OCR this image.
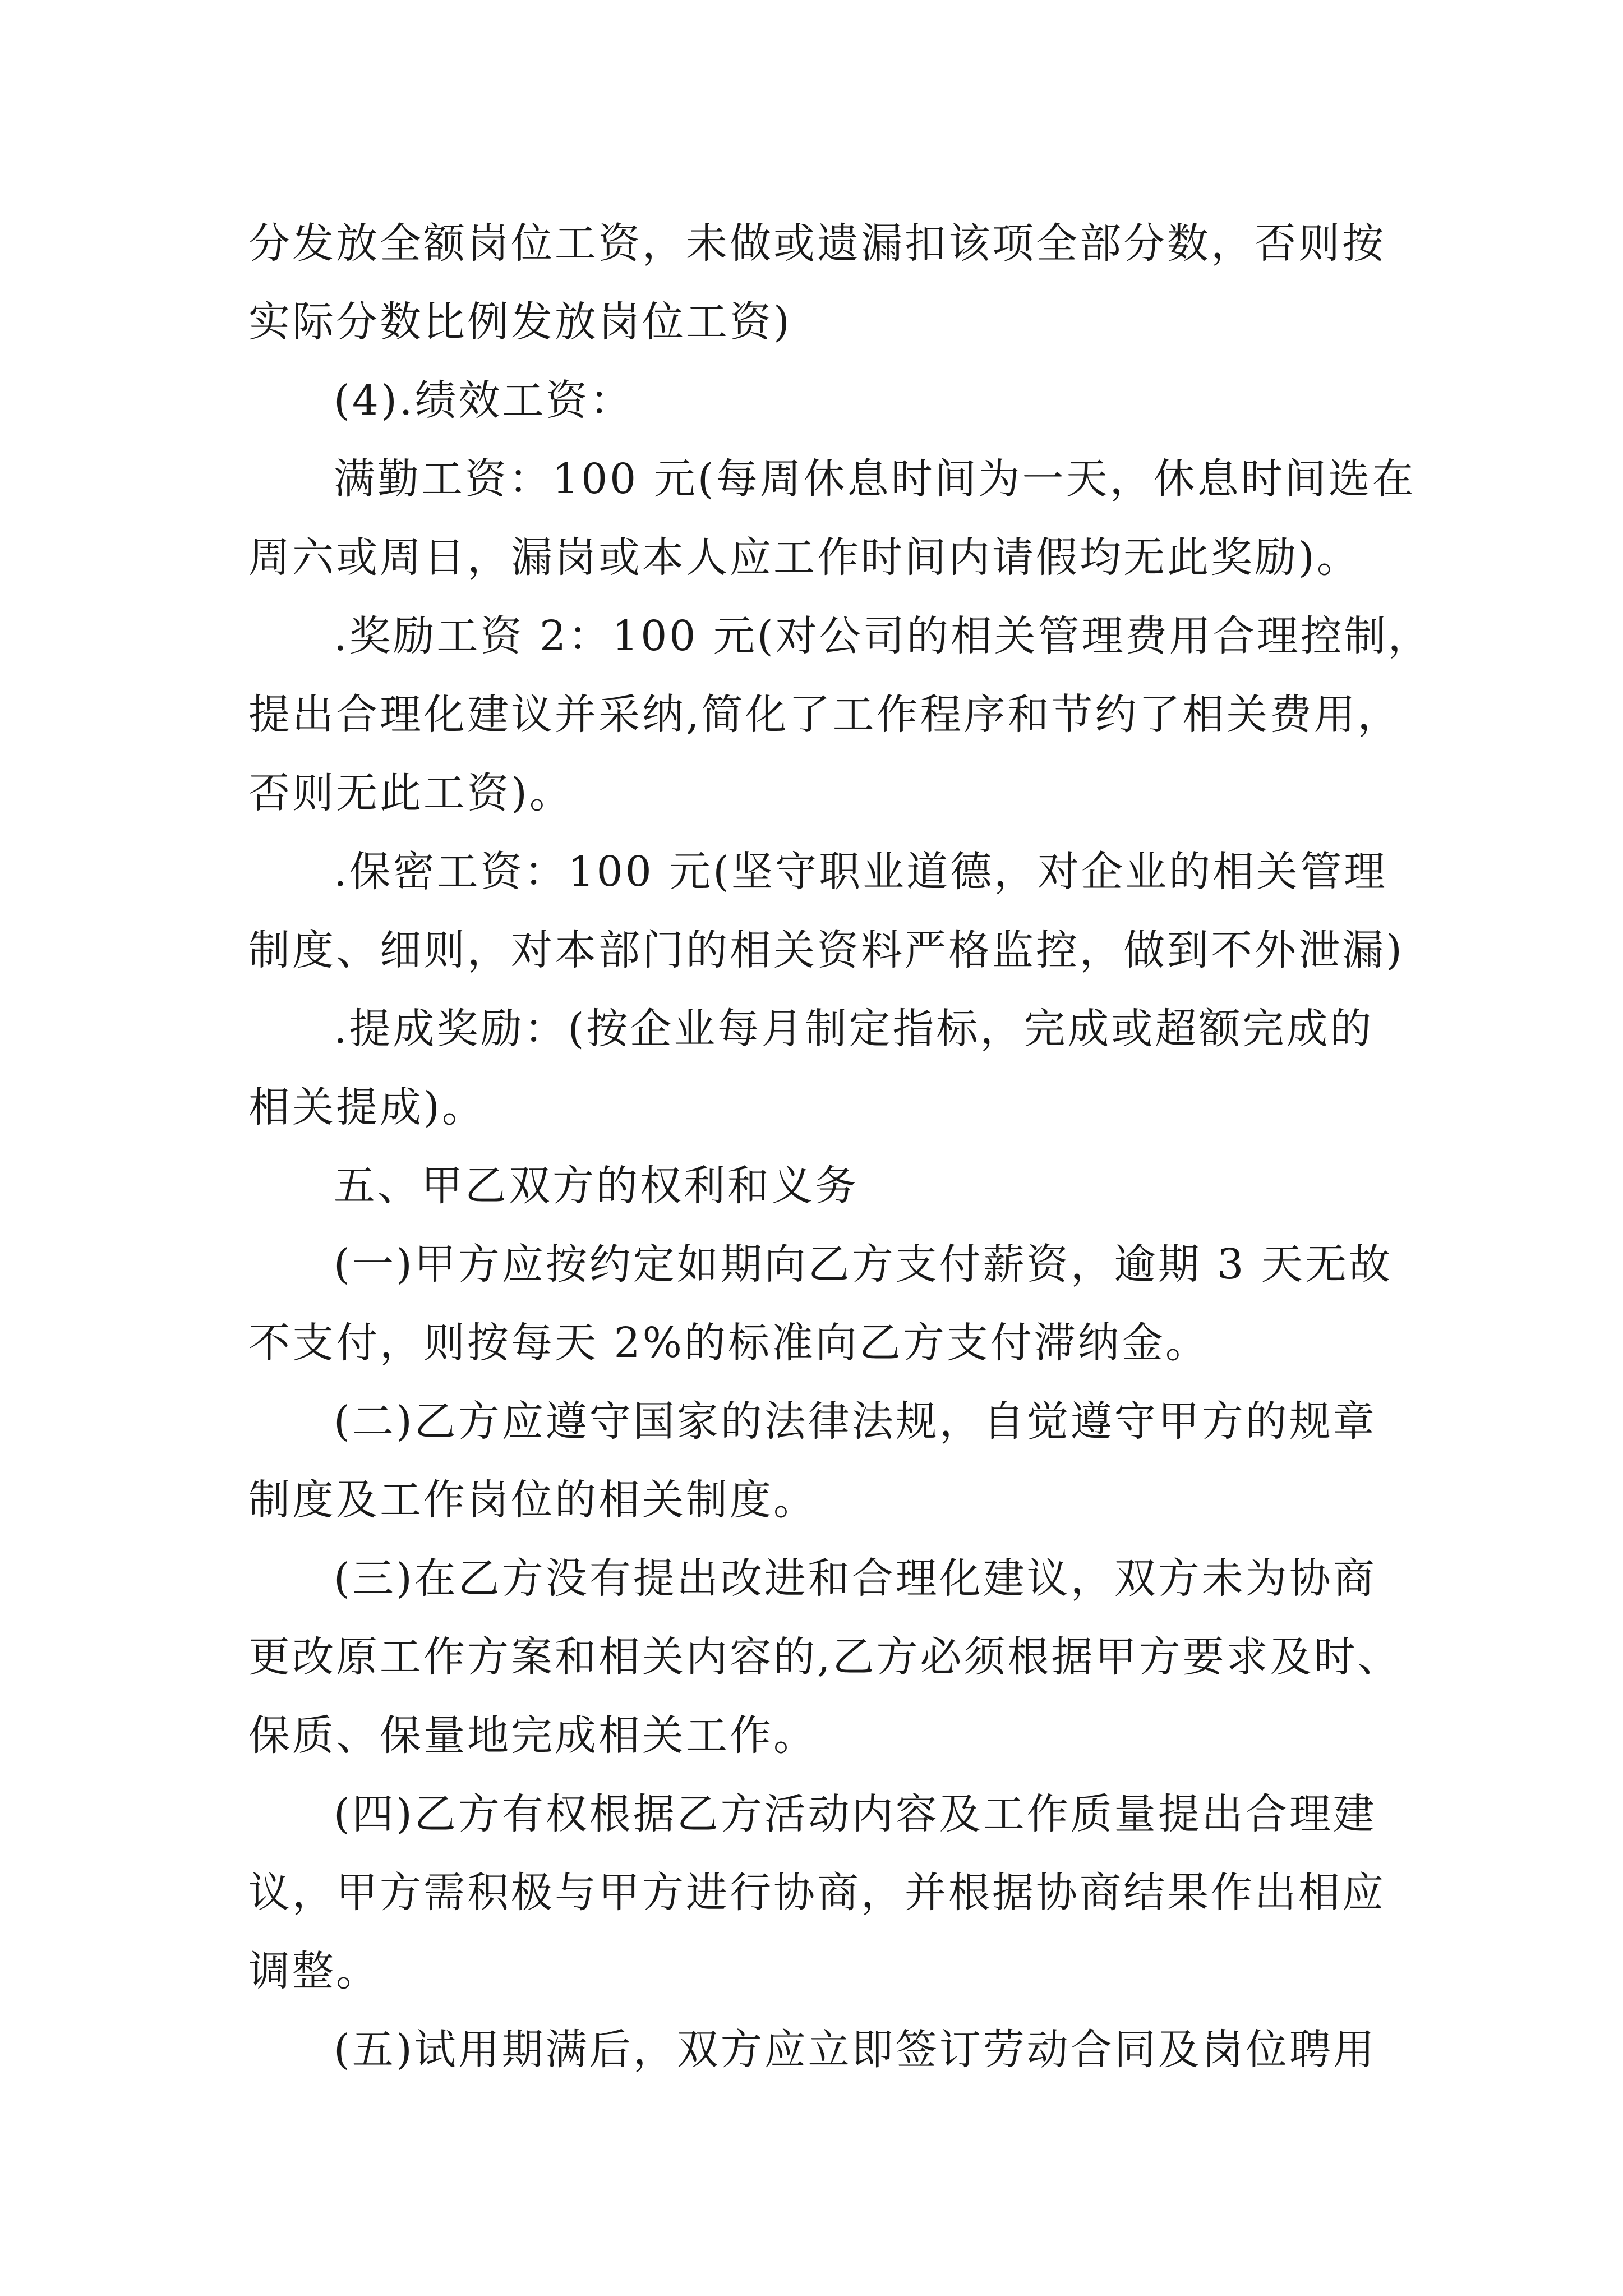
分发放全额岗位工资，未做或遗漏扣该项全部分数，否则按
实际分数比例发放岗位工资)
(4).绩效工资：
满勤工资：100 元(每周休息时间为一天，休息时间选在
周六或周日，漏岗或本人应工作时间内请假均无此奖励)。
.奖励工资 2：100 元(对公司的相关管理费用合理控制，
提出合理化建议并采纳,简化了工作程序和节约了相关费用，
否则无此工资)。
.保密工资：100 元(坚守职业道德，对企业的相关管理
制度、细则，对本部门的相关资料严格监控，做到不外泄漏)
.提成奖励：(按企业每月制定指标，完成或超额完成的
相关提成)。
五、甲乙双方的权利和义务
(一)甲方应按约定如期向乙方支付薪资，逾期 3 天无故
不支付，则按每天 2%的标准向乙方支付滞纳金。
(二)乙方应遵守国家的法律法规，自觉遵守甲方的规章
制度及工作岗位的相关制度。
(三)在乙方没有提出改进和合理化建议，双方未为协商
更改原工作方案和相关内容的,乙方必须根据甲方要求及时、
保质、保量地完成相关工作。
(四)乙方有权根据乙方活动内容及工作质量提出合理建
议，甲方需积极与甲方进行协商，并根据协商结果作出相应
调整。
(五)试用期满后，双方应立即签订劳动合同及岗位聘用
